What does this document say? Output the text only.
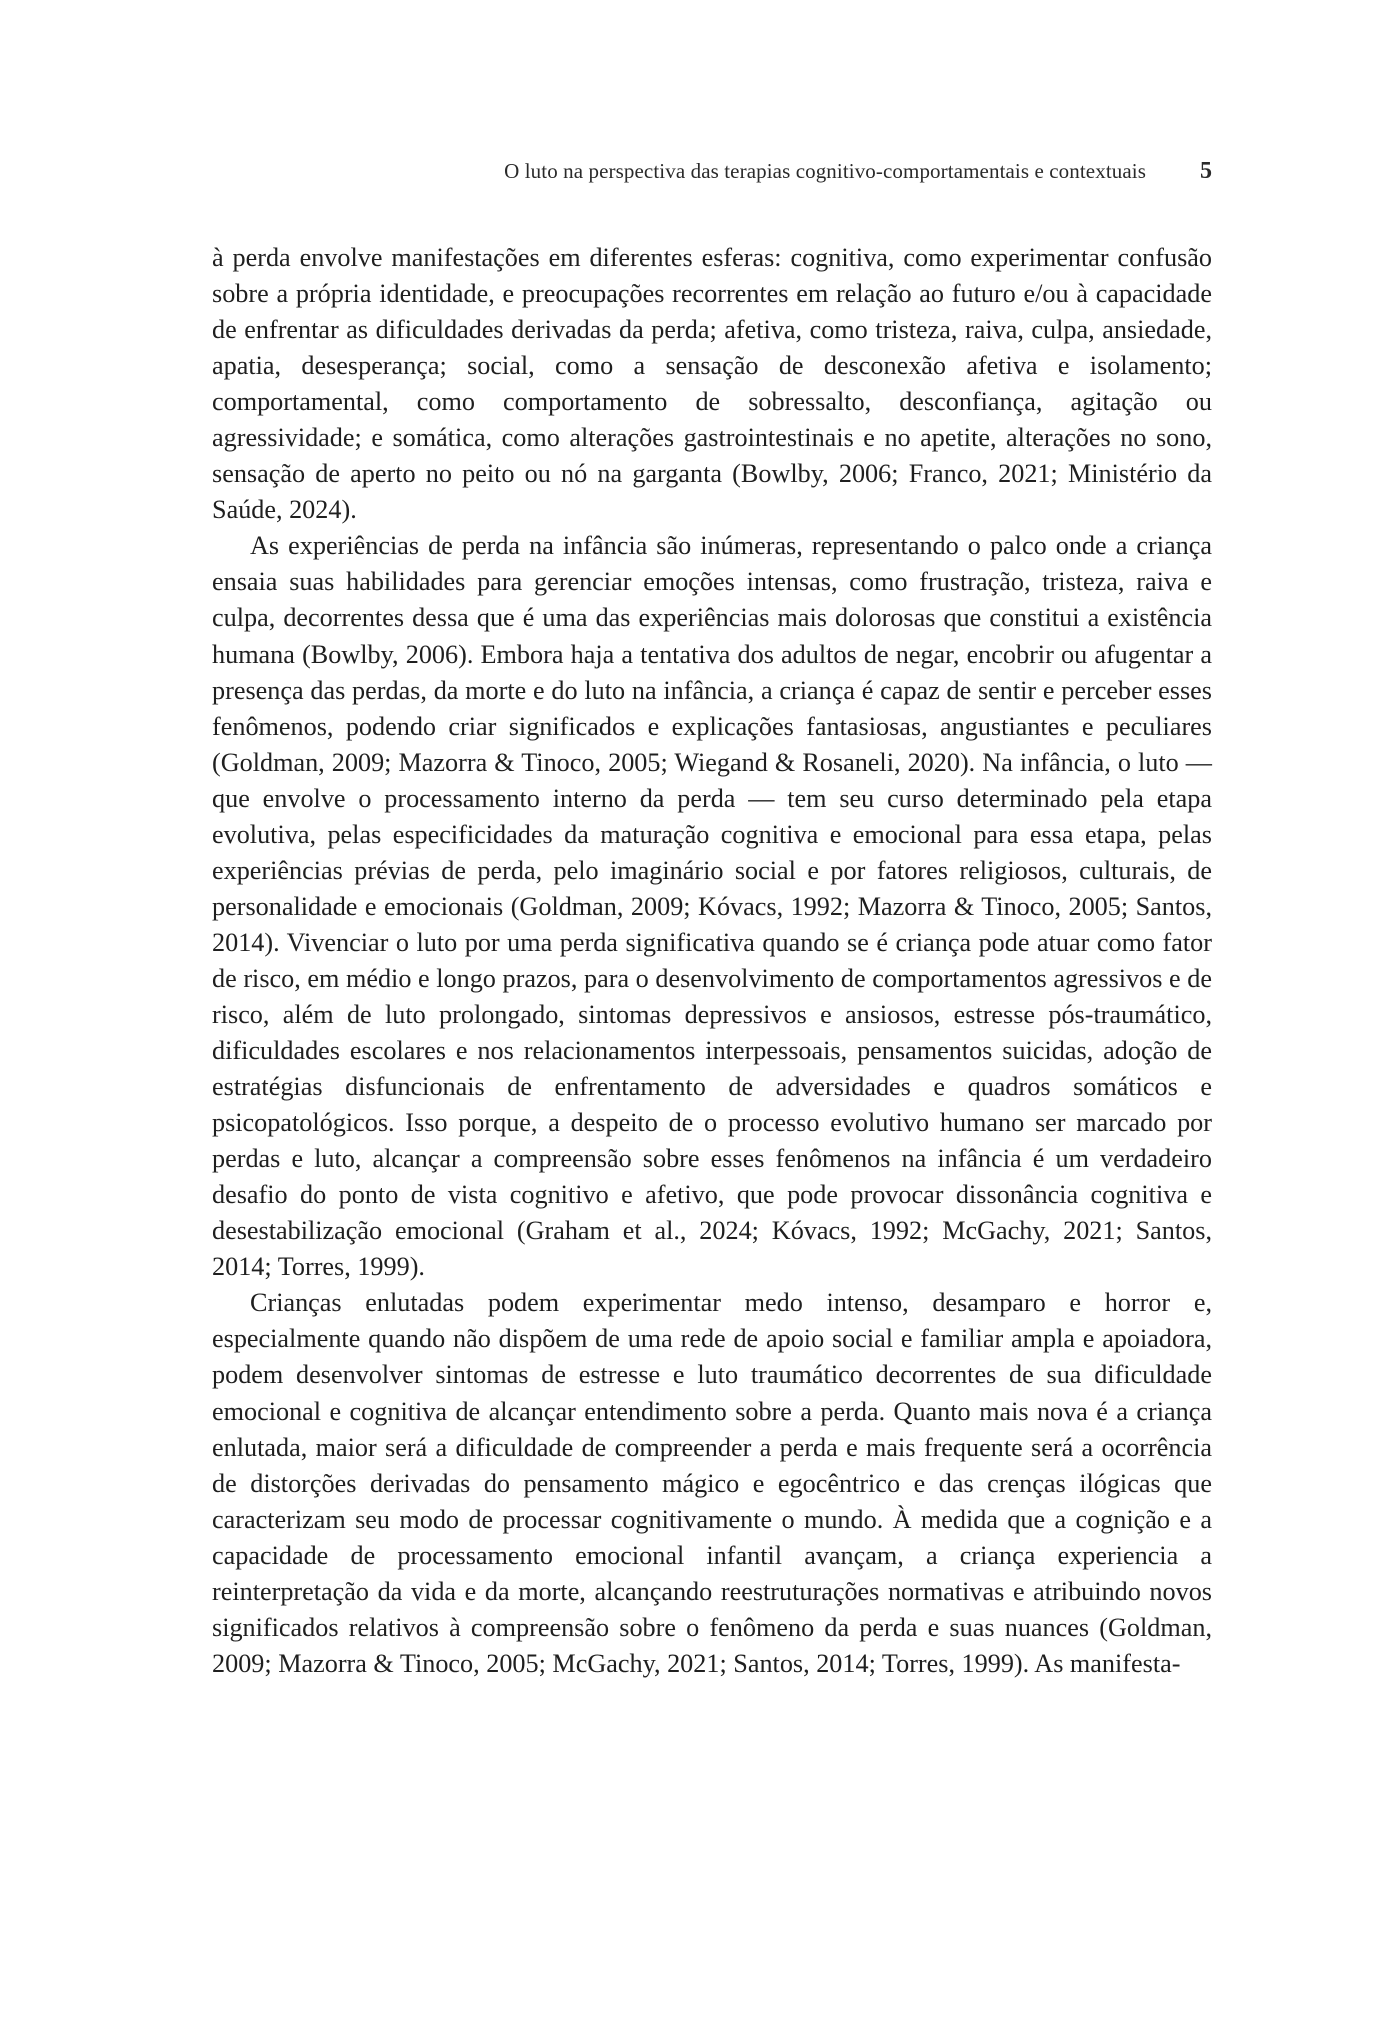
O luto na perspectiva das terapias cognitivo-comportamentais e contextuais 5

à perda envolve manifestações em diferentes esferas: cognitiva, como experimentar confusão sobre a própria identidade, e preocupações recorrentes em relação ao futuro e/ou à capacidade de enfrentar as dificuldades derivadas da perda; afetiva, como tristeza, raiva, culpa, ansiedade, apatia, desesperança; social, como a sensação de desconexão afetiva e isolamento; comportamental, como comportamento de sobressalto, desconfiança, agitação ou agressividade; e somática, como alterações gastrointestinais e no apetite, alterações no sono, sensação de aperto no peito ou nó na garganta (Bowlby, 2006; Franco, 2021; Ministério da Saúde, 2024).

As experiências de perda na infância são inúmeras, representando o palco onde a criança ensaia suas habilidades para gerenciar emoções intensas, como frustração, tristeza, raiva e culpa, decorrentes dessa que é uma das experiências mais dolorosas que constitui a existência humana (Bowlby, 2006). Embora haja a tentativa dos adultos de negar, encobrir ou afugentar a presença das perdas, da morte e do luto na infância, a criança é capaz de sentir e perceber esses fenômenos, podendo criar significados e explicações fantasiosas, angustiantes e peculiares (Goldman, 2009; Mazorra & Tinoco, 2005; Wiegand & Rosaneli, 2020). Na infância, o luto — que envolve o processamento interno da perda — tem seu curso determinado pela etapa evolutiva, pelas especificidades da maturação cognitiva e emocional para essa etapa, pelas experiências prévias de perda, pelo imaginário social e por fatores religiosos, culturais, de personalidade e emocionais (Goldman, 2009; Kóvacs, 1992; Mazorra & Tinoco, 2005; Santos, 2014). Vivenciar o luto por uma perda significativa quando se é criança pode atuar como fator de risco, em médio e longo prazos, para o desenvolvimento de comportamentos agressivos e de risco, além de luto prolongado, sintomas depressivos e ansiosos, estresse pós-traumático, dificuldades escolares e nos relacionamentos interpessoais, pensamentos suicidas, adoção de estratégias disfuncionais de enfrentamento de adversidades e quadros somáticos e psicopatológicos. Isso porque, a despeito de o processo evolutivo humano ser marcado por perdas e luto, alcançar a compreensão sobre esses fenômenos na infância é um verdadeiro desafio do ponto de vista cognitivo e afetivo, que pode provocar dissonância cognitiva e desestabilização emocional (Graham et al., 2024; Kóvacs, 1992; McGachy, 2021; Santos, 2014; Torres, 1999).

Crianças enlutadas podem experimentar medo intenso, desamparo e horror e, especialmente quando não dispõem de uma rede de apoio social e familiar ampla e apoiadora, podem desenvolver sintomas de estresse e luto traumático decorrentes de sua dificuldade emocional e cognitiva de alcançar entendimento sobre a perda. Quanto mais nova é a criança enlutada, maior será a dificuldade de compreender a perda e mais frequente será a ocorrência de distorções derivadas do pensamento mágico e egocêntrico e das crenças ilógicas que caracterizam seu modo de processar cognitivamente o mundo. À medida que a cognição e a capacidade de processamento emocional infantil avançam, a criança experiencia a reinterpretação da vida e da morte, alcançando reestruturações normativas e atribuindo novos significados relativos à compreensão sobre o fenômeno da perda e suas nuances (Goldman, 2009; Mazorra & Tinoco, 2005; McGachy, 2021; Santos, 2014; Torres, 1999). As manifesta-
